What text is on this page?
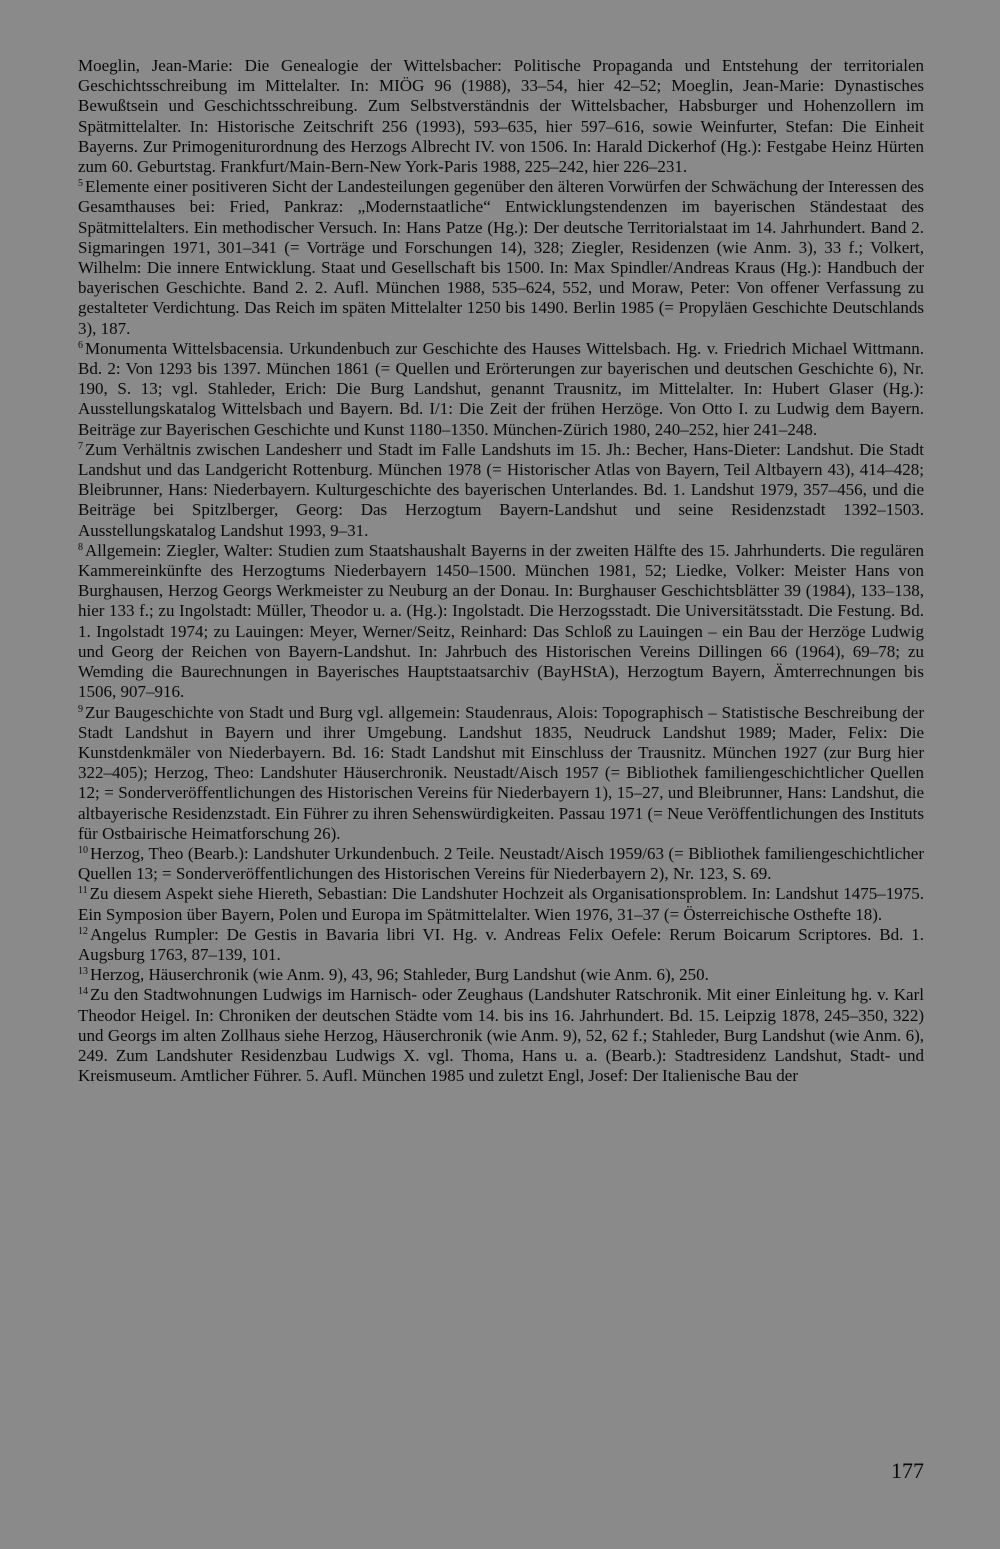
Moeglin, Jean-Marie: Die Genealogie der Wittelsbacher: Politische Propaganda und Entstehung der territorialen Geschichtsschreibung im Mittelalter. In: MIÖG 96 (1988), 33–54, hier 42–52; Moeglin, Jean-Marie: Dynastisches Bewußtsein und Geschichtsschreibung. Zum Selbstverständnis der Wittelsbacher, Habsburger und Hohenzollern im Spätmittelalter. In: Historische Zeitschrift 256 (1993), 593–635, hier 597–616, sowie Weinfurter, Stefan: Die Einheit Bayerns. Zur Primogeniturordnung des Herzogs Albrecht IV. von 1506. In: Harald Dickerhof (Hg.): Festgabe Heinz Hürten zum 60. Geburtstag. Frankfurt/Main-Bern-New York-Paris 1988, 225–242, hier 226–231.

$^5$ Elemente einer positiveren Sicht der Landesteilungen gegenüber den älteren Vorwürfen der Schwächung der Interessen des Gesamthauses bei: Fried, Pankraz: „Modernstaatliche“ Entwicklungstendenzen im bayerischen Ständestaat des Spätmittelalters. Ein methodischer Versuch. In: Hans Patze (Hg.): Der deutsche Territorialstaat im 14. Jahrhundert. Band 2. Sigmaringen 1971, 301–341 (= Vorträge und Forschungen 14), 328; Ziegler, Residenzen (wie Anm. 3), 33 f.; Volkert, Wilhelm: Die innere Entwicklung. Staat und Gesellschaft bis 1500. In: Max Spindler/Andreas Kraus (Hg.): Handbuch der bayerischen Geschichte. Band 2. 2. Aufl. München 1988, 535–624, 552, und Moraw, Peter: Von offener Verfassung zu gestalteter Verdichtung. Das Reich im späten Mittelalter 1250 bis 1490. Berlin 1985 (= Propyläen Geschichte Deutschlands 3), 187.

$^6$ Monumenta Wittelsbacensia. Urkundenbuch zur Geschichte des Hauses Wittelsbach. Hg. v. Friedrich Michael Wittmann. Bd. 2: Von 1293 bis 1397. München 1861 (= Quellen und Erörterungen zur bayerischen und deutschen Geschichte 6), Nr. 190, S. 13; vgl. Stahleder, Erich: Die Burg Landshut, genannt Trausnitz, im Mittelalter. In: Hubert Glaser (Hg.): Ausstellungskatalog Wittelsbach und Bayern. Bd. I/1: Die Zeit der frühen Herzöge. Von Otto I. zu Ludwig dem Bayern. Beiträge zur Bayerischen Geschichte und Kunst 1180–1350. München-Zürich 1980, 240–252, hier 241–248.

$^7$ Zum Verhältnis zwischen Landesherr und Stadt im Falle Landshuts im 15. Jh.: Becher, Hans-Dieter: Landshut. Die Stadt Landshut und das Landgericht Rottenburg. München 1978 (= Historischer Atlas von Bayern, Teil Altbayern 43), 414–428; Bleibrunner, Hans: Niederbayern. Kulturgeschichte des bayerischen Unterlandes. Bd. 1. Landshut 1979, 357–456, und die Beiträge bei Spitzlberger, Georg: Das Herzogtum Bayern-Landshut und seine Residenzstadt 1392–1503. Ausstellungskatalog Landshut 1993, 9–31.

$^8$ Allgemein: Ziegler, Walter: Studien zum Staatshaushalt Bayerns in der zweiten Hälfte des 15. Jahrhunderts. Die regulären Kammereinkünfte des Herzogtums Niederbayern 1450–1500. München 1981, 52; Liedke, Volker: Meister Hans von Burghausen, Herzog Georgs Werkmeister zu Neuburg an der Donau. In: Burghauser Geschichtsblätter 39 (1984), 133–138, hier 133 f.; zu Ingolstadt: Müller, Theodor u. a. (Hg.): Ingolstadt. Die Herzogsstadt. Die Universitätsstadt. Die Festung. Bd. 1. Ingolstadt 1974; zu Lauingen: Meyer, Werner/Seitz, Reinhard: Das Schloß zu Lauingen – ein Bau der Herzöge Ludwig und Georg der Reichen von Bayern-Landshut. In: Jahrbuch des Historischen Vereins Dillingen 66 (1964), 69–78; zu Wemding die Baurechnungen in Bayerisches Hauptstaatsarchiv (BayHStA), Herzogtum Bayern, Ämterrechnungen bis 1506, 907–916.

$^9$ Zur Baugeschichte von Stadt und Burg vgl. allgemein: Staudenraus, Alois: Topographisch – Statistische Beschreibung der Stadt Landshut in Bayern und ihrer Umgebung. Landshut 1835, Neudruck Landshut 1989; Mader, Felix: Die Kunstdenkmäler von Niederbayern. Bd. 16: Stadt Landshut mit Einschluss der Trausnitz. München 1927 (zur Burg hier 322–405); Herzog, Theo: Landshuter Häuserchronik. Neustadt/Aisch 1957 (= Bibliothek familiengeschichtlicher Quellen 12; = Sonderveröffentlichungen des Historischen Vereins für Niederbayern 1), 15–27, und Bleibrunner, Hans: Landshut, die altbayerische Residenzstadt. Ein Führer zu ihren Sehenswürdigkeiten. Passau 1971 (= Neue Veröffentlichungen des Instituts für Ostbairische Heimatforschung 26).

$^{10}$ Herzog, Theo (Bearb.): Landshuter Urkundenbuch. 2 Teile. Neustadt/Aisch 1959/63 (= Bibliothek familiengeschichtlicher Quellen 13; = Sonderveröffentlichungen des Historischen Vereins für Niederbayern 2), Nr. 123, S. 69.

$^{11}$ Zu diesem Aspekt siehe Hiereth, Sebastian: Die Landshuter Hochzeit als Organisationsproblem. In: Landshut 1475–1975. Ein Symposion über Bayern, Polen und Europa im Spätmittelalter. Wien 1976, 31–37 (= Österreichische Osthefte 18).

$^{12}$ Angelus Rumpler: De Gestis in Bavaria libri VI. Hg. v. Andreas Felix Oefele: Rerum Boicarum Scriptores. Bd. 1. Augsburg 1763, 87–139, 101.

$^{13}$ Herzog, Häuserchronik (wie Anm. 9), 43, 96; Stahleder, Burg Landshut (wie Anm. 6), 250.

$^{14}$ Zu den Stadtwohnungen Ludwigs im Harnisch- oder Zeughaus (Landshuter Ratschronik. Mit einer Einleitung hg. v. Karl Theodor Heigel. In: Chroniken der deutschen Städte vom 14. bis ins 16. Jahrhundert. Bd. 15. Leipzig 1878, 245–350, 322) und Georgs im alten Zollhaus siehe Herzog, Häuserchronik (wie Anm. 9), 52, 62 f.; Stahleder, Burg Landshut (wie Anm. 6), 249. Zum Landshuter Residenzbau Ludwigs X. vgl. Thoma, Hans u. a. (Bearb.): Stadtresidenz Landshut, Stadt- und Kreismuseum. Amtlicher Führer. 5. Aufl. München 1985 und zuletzt Engl, Josef: Der Italienische Bau der

177
